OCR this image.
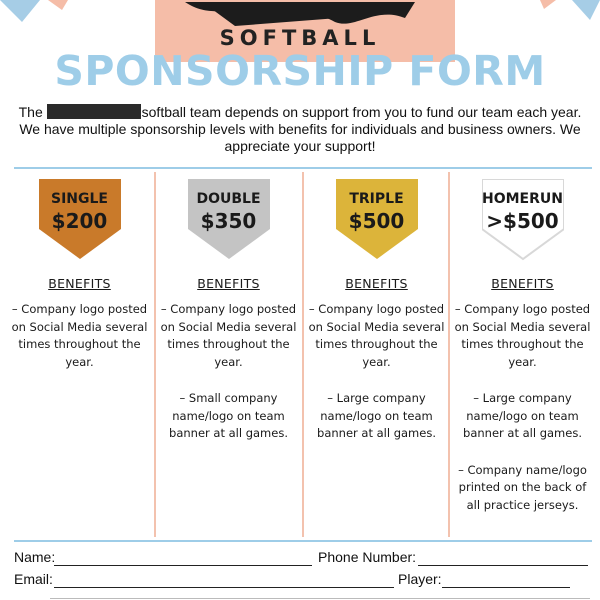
SOFTBALL
SPONSORSHIP FORM
The	softball team depends on support from you to fund our team each year.
We have multiple sponsorship levels with benefits for individuals and business owners. We appreciate your support!
SINGLE
$200
BENEFITS
– Company logo posted on Social Media several times throughout the year.
DOUBLE
$350
BENEFITS
– Company logo posted on Social Media several times throughout the year.
– Small company name/logo on team banner at all games.
TRIPLE
$500
BENEFITS
– Company logo posted on Social Media several times throughout the year.
– Large company name/logo on team banner at all games.
HOMERUN
>$500
BENEFITS
– Company logo posted on Social Media several times throughout the year.
– Large company name/logo on team banner at all games.
– Company name/logo printed on the back of all practice jerseys.
Name:	Phone Number:
Email:	Player:
